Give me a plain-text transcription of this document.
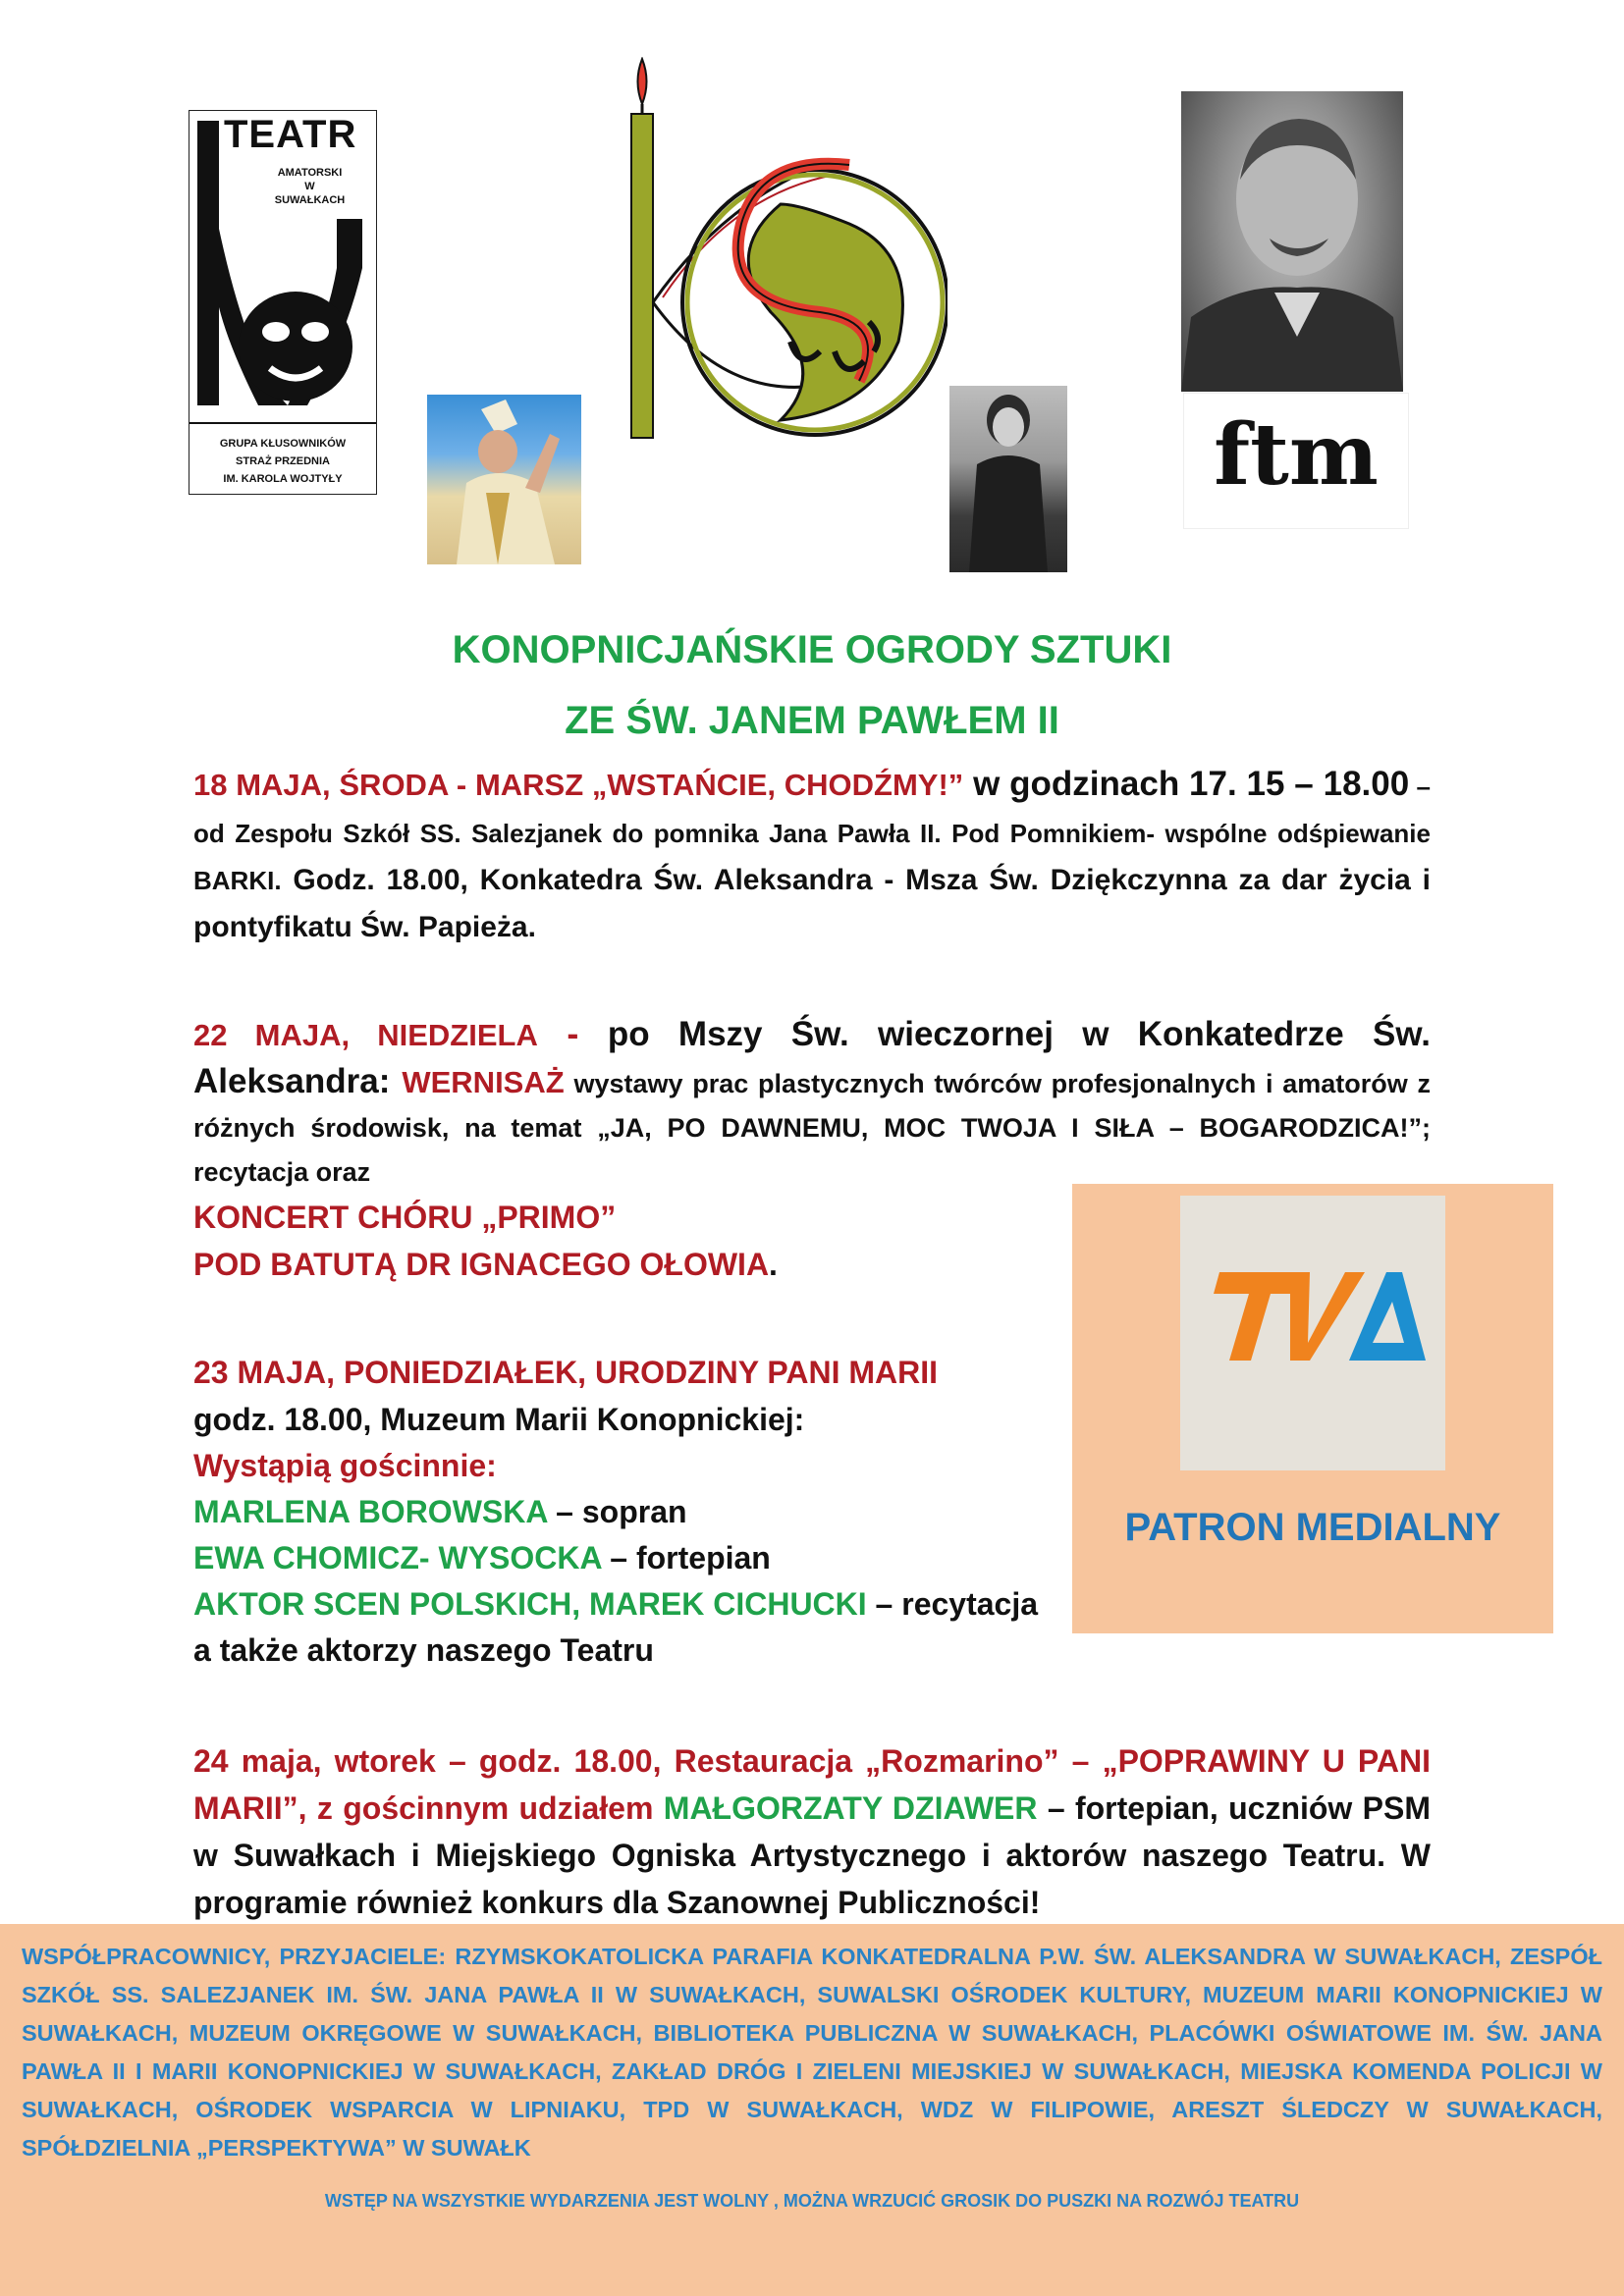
TEATR
AMATORSKI
W
SUWAŁKACH
GRUPA KŁUSOWNIKÓW
STRAŻ PRZEDNIA
IM. KAROLA WOJTYŁY	ftm
KONOPNICJAŃSKIE OGRODY SZTUKI
ZE ŚW. JANEM PAWŁEM II
18 MAJA, ŚRODA - MARSZ „WSTAŃCIE, CHODŹMY!” w godzinach 17. 15 – 18.00 – od Zespołu Szkół SS. Salezjanek do pomnika Jana Pawła II. Pod Pomnikiem- wspólne odśpiewanie BARKI. Godz. 18.00, Konkatedra Św. Aleksandra - Msza Św. Dziękczynna za dar życia i pontyfikatu Św. Papieża.
22 MAJA, NIEDZIELA - po Mszy Św. wieczornej w Konkatedrze Św. Aleksandra: WERNISAŻ wystawy prac plastycznych twórców profesjonalnych i amatorów z różnych środowisk, na temat „JA, PO DAWNEMU, MOC TWOJA I SIŁA – BOGARODZICA!”; recytacja oraz
KONCERT CHÓRU „PRIMO”
POD BATUTĄ DR IGNACEGO OŁOWIA.
23 MAJA, PONIEDZIAŁEK, URODZINY PANI MARII
godz. 18.00, Muzeum Marii Konopnickiej:
Wystąpią gościnnie:
MARLENA BOROWSKA – sopran
EWA CHOMICZ- WYSOCKA – fortepian
AKTOR SCEN POLSKICH, MAREK CICHUCKI – recytacja
a także aktorzy naszego Teatru
PATRON MEDIALNY
24 maja, wtorek – godz. 18.00, Restauracja „Rozmarino” – „POPRAWINY U PANI MARII”, z gościnnym udziałem MAŁGORZATY DZIAWER – fortepian, uczniów PSM w Suwałkach i Miejskiego Ogniska Artystycznego i aktorów naszego Teatru. W programie również konkurs dla Szanownej Publiczności!
WSPÓŁPRACOWNICY, PRZYJACIELE: RZYMSKOKATOLICKA PARAFIA KONKATEDRALNA P.W. ŚW. ALEKSANDRA W SUWAŁKACH, ZESPÓŁ SZKÓŁ SS. SALEZJANEK IM. ŚW. JANA PAWŁA II W SUWAŁKACH, SUWALSKI OŚRODEK KULTURY, MUZEUM MARII KONOPNICKIEJ W SUWAŁKACH, MUZEUM OKRĘGOWE W SUWAŁKACH, BIBLIOTEKA PUBLICZNA W SUWAŁKACH, PLACÓWKI OŚWIATOWE IM. ŚW. JANA PAWŁA II I MARII KONOPNICKIEJ W SUWAŁKACH, ZAKŁAD DRÓG I ZIELENI MIEJSKIEJ W SUWAŁKACH, MIEJSKA KOMENDA POLICJI W SUWAŁKACH, OŚRODEK WSPARCIA W LIPNIAKU, TPD W SUWAŁKACH, WDZ W FILIPOWIE, ARESZT ŚLEDCZY W SUWAŁKACH, SPÓŁDZIELNIA „PERSPEKTYWA” W SUWAŁK
WSTĘP NA WSZYSTKIE WYDARZENIA JEST WOLNY , MOŻNA WRZUCIĆ GROSIK DO PUSZKI NA ROZWÓJ TEATRU
